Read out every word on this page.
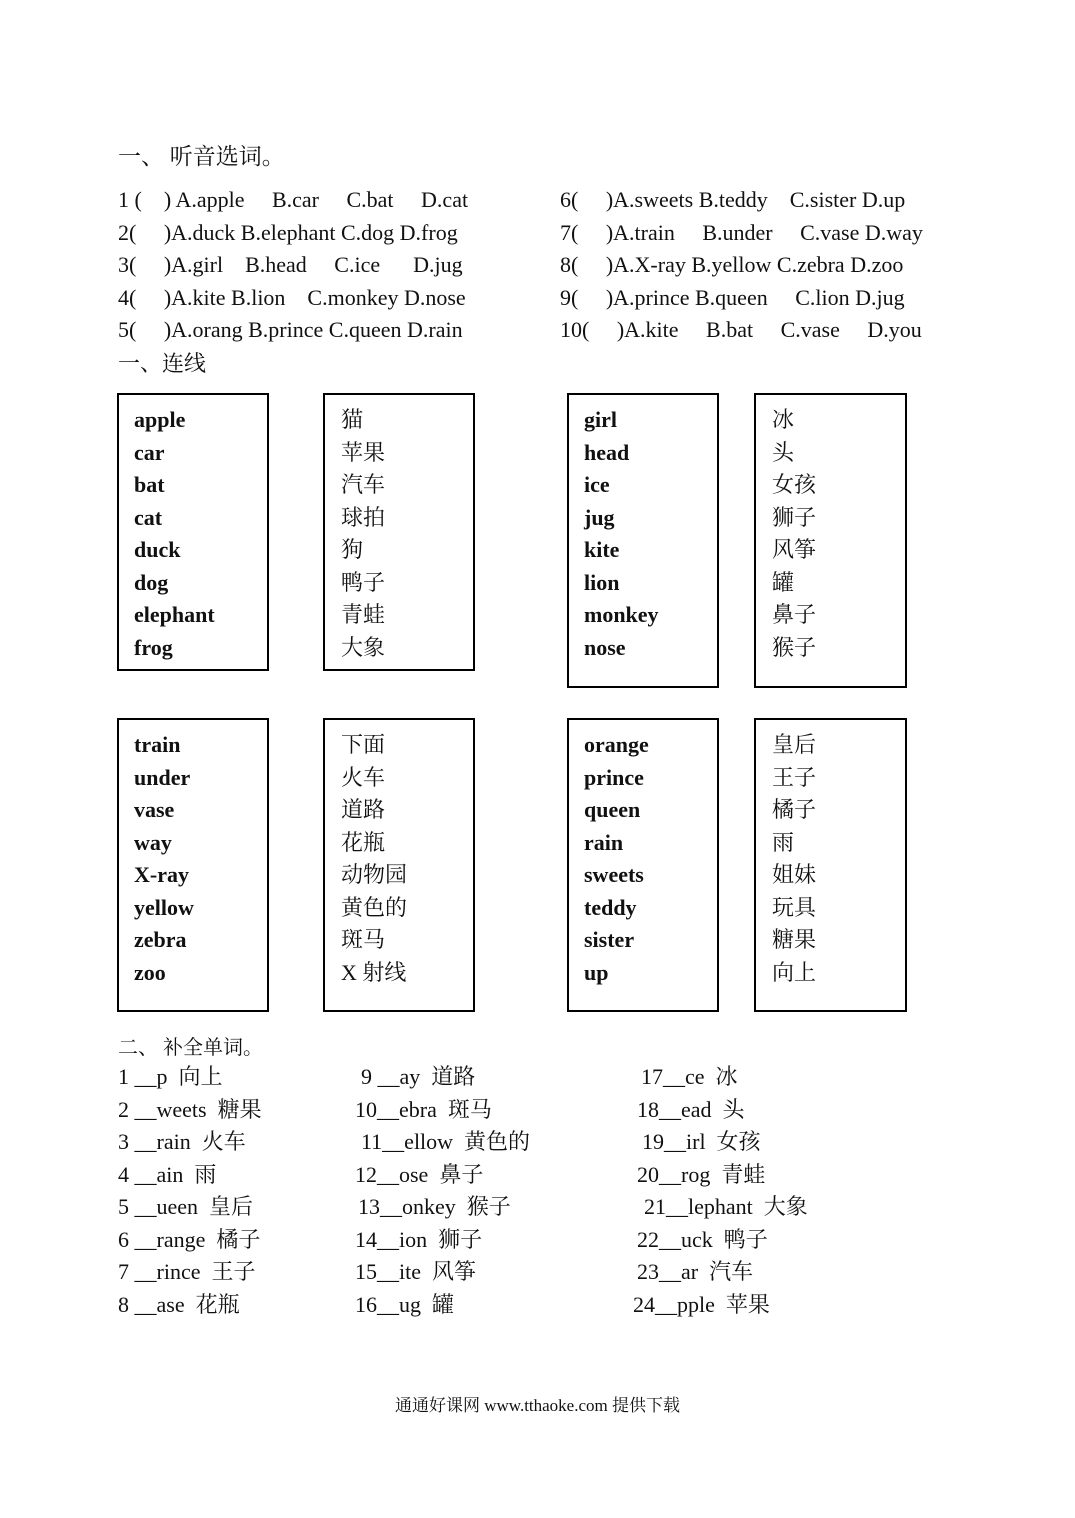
一、 听音选词。
1 (    ) A.apple     B.car     C.bat     D.cat
2(     )A.duck B.elephant C.dog D.frog
3(     )A.girl    B.head     C.ice      D.jug
4(     )A.kite B.lion    C.monkey D.nose
5(     )A.orang B.prince C.queen D.rain
6(     )A.sweets B.teddy    C.sister D.up
7(     )A.train     B.under     C.vase D.way
8(     )A.X-ray B.yellow C.zebra D.zoo
9(     )A.prince B.queen     C.lion D.jug
10(     )A.kite     B.bat     C.vase     D.you
一、连线
apple
car
bat
cat
duck
dog
elephant
frog
猫
苹果
汽车
球拍
狗
鸭子
青蛙
大象
girl
head
ice
jug
kite
lion
monkey
nose
冰
头
女孩
狮子
风筝
罐
鼻子
猴子
train
under
vase
way
X-ray
yellow
zebra
zoo
下面
火车
道路
花瓶
动物园
黄色的
斑马
X 射线
orange
prince
queen
rain
sweets
teddy
sister
up
皇后
王子
橘子
雨
姐妹
玩具
糖果
向上
二、 补全单词。
1 __p  向上
2 __weets  糖果
3 __rain  火车
4 __ain  雨
5 __ueen  皇后
6 __range  橘子
7 __rince  王子
8 __ase  花瓶
9 __ay  道路
10__ebra  斑马
11__ellow  黄色的
12__ose  鼻子
13__onkey  猴子
14__ion  狮子
15__ite  风筝
16__ug  罐
17__ce  冰
18__ead  头
19__irl  女孩
20__rog  青蛙
21__lephant  大象
22__uck  鸭子
23__ar  汽车
24__pple  苹果
通通好课网 www.tthaoke.com 提供下载
